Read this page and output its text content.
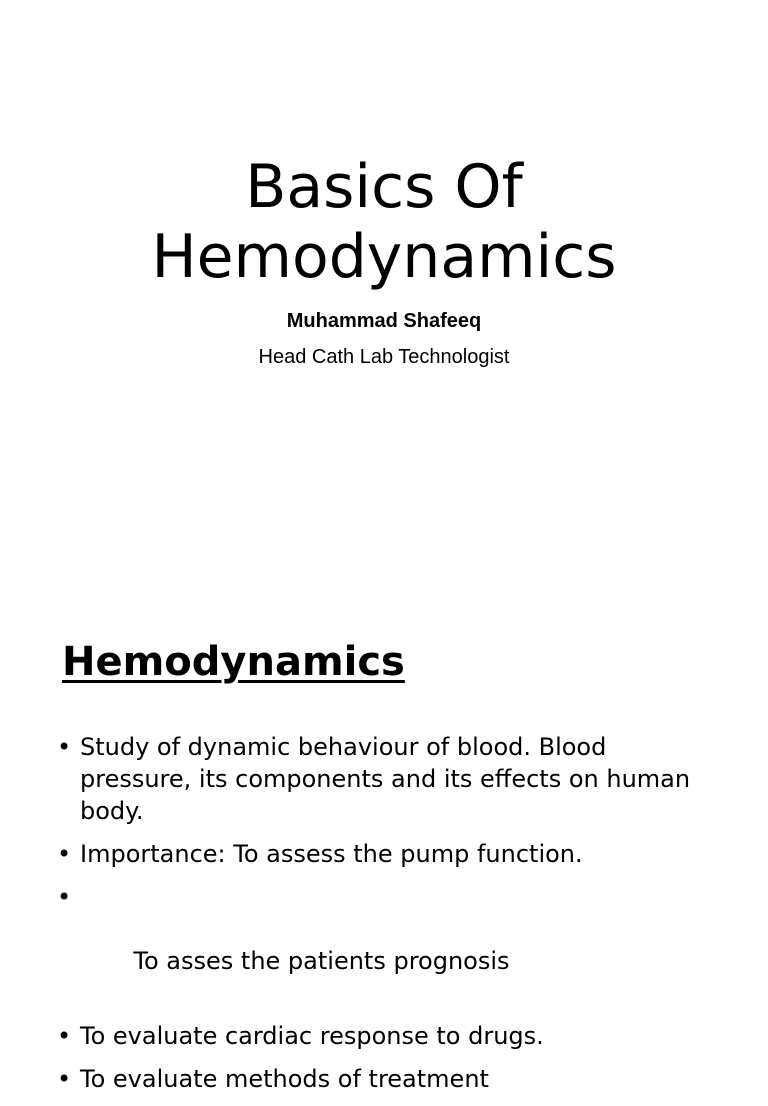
Basics Of
Hemodynamics
Muhammad Shafeeq
Head Cath Lab Technologist
Hemodynamics
• Study of dynamic behaviour of blood. Blood pressure, its components and its effects on human body.
• Importance: To assess the pump function.

•

To asses the patients prognosis

• To evaluate cardiac response to drugs.
• To evaluate methods of treatment
